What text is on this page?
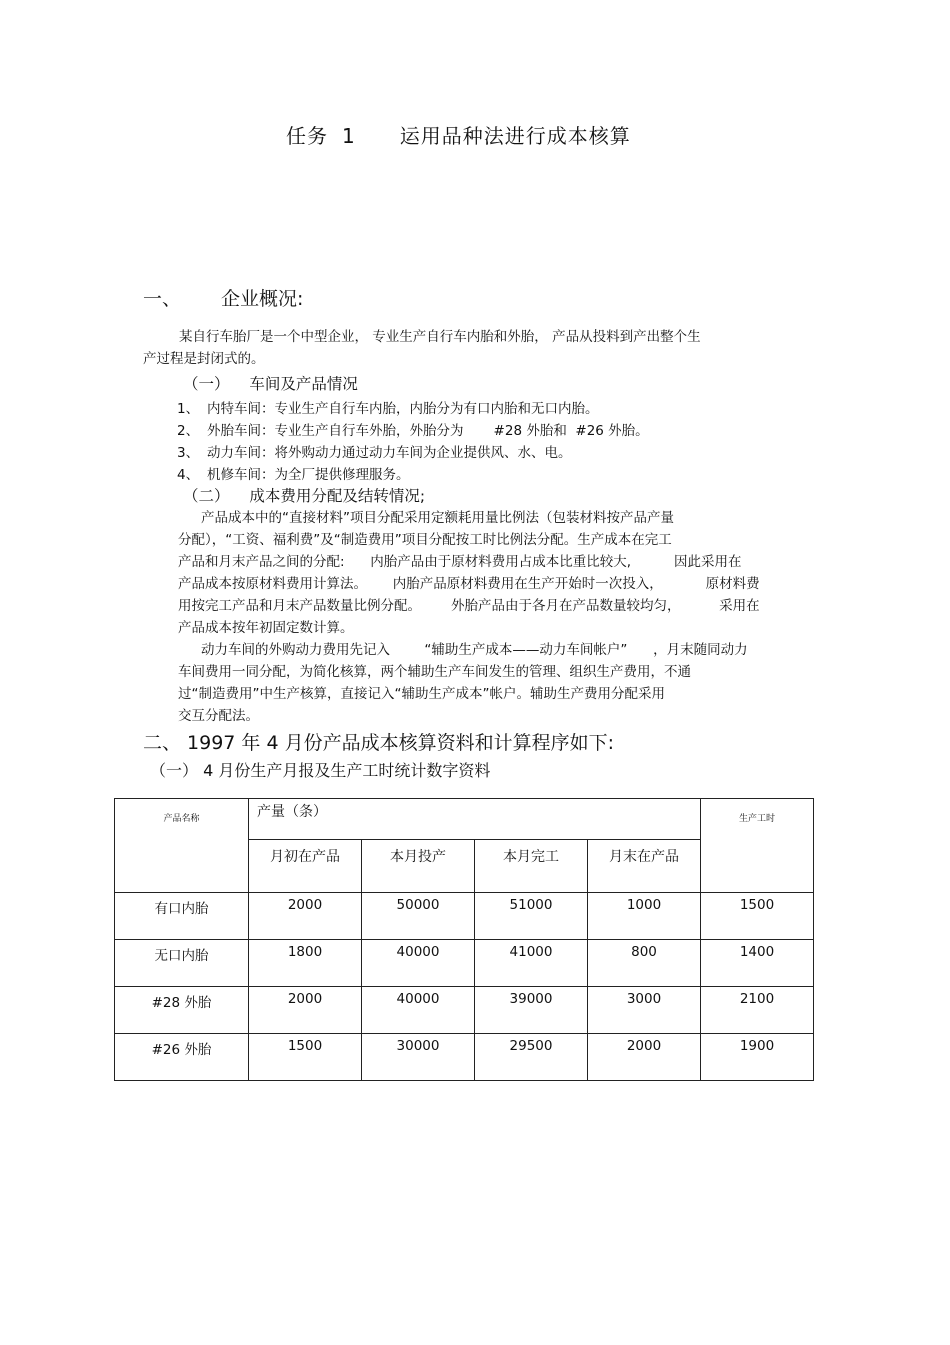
任务 1 运用品种法进行成本核算
一、 企业概况:
某自行车胎厂是一个中型企业， 专业生产自行车内胎和外胎， 产品从投料到产出整个生
产过程是封闭式的。
（一） 车间及产品情况
1、 内特车间：专业生产自行车内胎，内胎分为有口内胎和无口内胎。
2、 外胎车间：专业生产自行车外胎，外胎分为       #28 外胎和  #26 外胎。
3、 动力车间：将外购动力通过动力车间为企业提供风、水、电。
4、 机修车间：为全厂提供修理服务。
（二） 成本费用分配及结转情况;
产品成本中的“直接材料”项目分配采用定额耗用量比例法（包装材料按产品产量
分配），“工资、福利费”及“制造费用”项目分配按工时比例法分配。生产成本在完工
产品和月末产品之间的分配:      内胎产品由于原材料费用占成本比重比较大,          因此采用在
产品成本按原材料费用计算法。      内胎产品原材料费用在生产开始时一次投入，          原材料费
用按完工产品和月末产品数量比例分配。       外胎产品由于各月在产品数量较均匀，         采用在
产品成本按年初固定数计算。
动力车间的外购动力费用先记入        “辅助生产成本——动力车间帐户”      ，月末随同动力
车间费用一同分配，为简化核算，两个辅助生产车间发生的管理、组织生产费用，不通
过“制造费用”中生产核算，直接记入“辅助生产成本”帐户。辅助生产费用分配采用
交互分配法。
二、 1997 年 4 月份产品成本核算资料和计算程序如下:
（一） 4 月份生产月报及生产工时统计数字资料
产品名称	产量（条）				生产工时
	月初在产品	本月投产	本月完工	月末在产品	
有口内胎	2000	50000	51000	1000	1500
无口内胎	1800	40000	41000	800	1400
#28 外胎	2000	40000	39000	3000	2100
#26 外胎	1500	30000	29500	2000	1900
